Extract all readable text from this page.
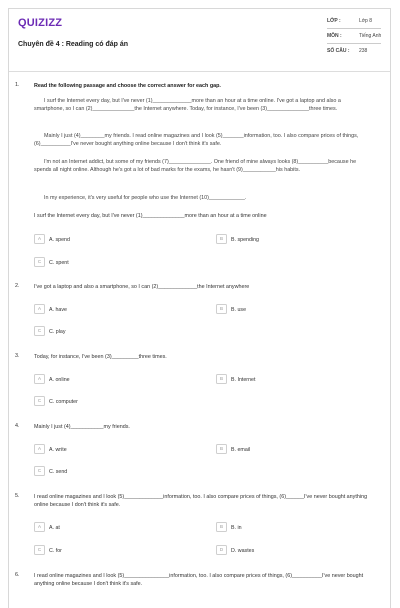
QUIZIZZ
Chuyên đề 4 : Reading có đáp án
LỚP :	Lớp 8
MÔN :	Tiếng Anh
SỐ CÂU :	238
1.	Read the following passage and choose the correct answer for each gap.
I surf the Internet every day, but I've never (1)_____________more than an hour at a time online. I've got a laptop and also a smartphone, so I can (2)______________the Internet anywhere. Today, for instance, I've been (3)______________three times.
Mainly I just (4)________my friends. I read online magazines and I look (5)_______information, too. I also compare prices of things, (6)__________I've never bought anything online because I don't think it's safe.
I'm not an Internet addict, but some of my friends (7)______________. One friend of mine always looks (8)__________because he spends all night online. Although he's got a lot of bad marks for the exams, he hasn't (9)___________his habits.
In my experience, it's very useful for people who use the Internet (10)____________.
I surf the Internet every day, but I've never (1)______________more than an hour at a time online
A A. spend	B B. spending
C C. spent
2.	I've got a laptop and also a smartphone, so I can (2)_____________the Internet anywhere
A A. have	B B. use
C C. play
3.	Today, for instance, I've been (3)_________three times.
A A. online	B B. Internet
C C. computer
4.	Mainly I just (4)___________my friends.
A A. write	B B. email
C C. send
5.	I read online magazines and I look (5)_____________information, too. I also compare prices of things, (6)______I've never bought anything online because I don't think it's safe.
A A. at	B B. in
C C. for	D D. wastes
6.	I read online magazines and I look (5)_______________information, too. I also compare prices of things, (6)__________I've never bought anything online because I don't think it's safe.
